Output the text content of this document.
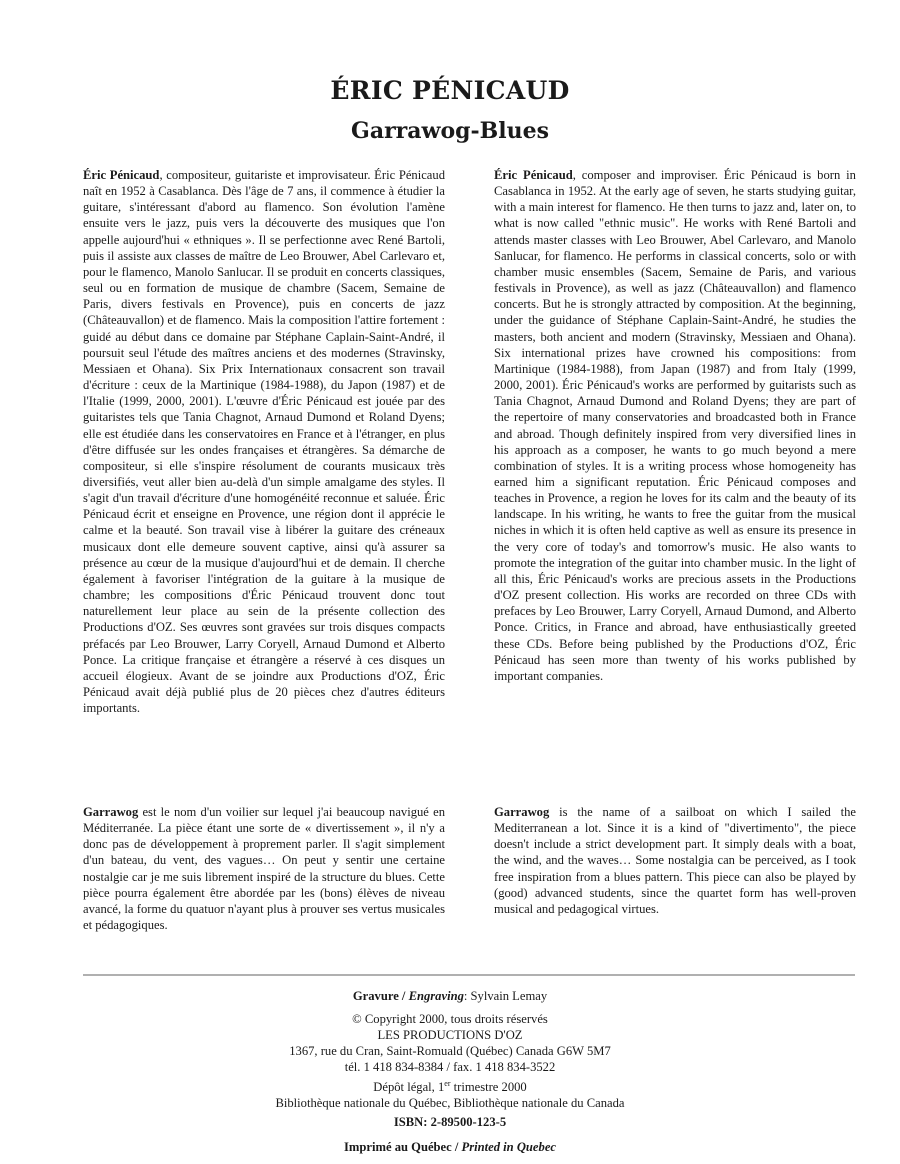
ÉRIC PÉNICAUD
Garrawog-Blues

Éric Pénicaud, compositeur, guitariste et improvisateur. Éric Pénicaud naît en 1952 à Casablanca. Dès l'âge de 7 ans, il commence à étudier la guitare, s'intéressant d'abord au flamenco. Son évolution l'amène ensuite vers le jazz, puis vers la découverte des musiques que l'on appelle aujourd'hui « ethniques ». Il se perfectionne avec René Bartoli, puis il assiste aux classes de maître de Leo Brouwer, Abel Carlevaro et, pour le flamenco, Manolo Sanlucar. Il se produit en concerts classiques, seul ou en formation de musique de chambre (Sacem, Semaine de Paris, divers festivals en Provence), puis en concerts de jazz (Châteauvallon) et de flamenco. Mais la composition l'attire fortement : guidé au début dans ce domaine par Stéphane Caplain-Saint-André, il poursuit seul l'étude des maîtres anciens et des modernes (Stravinsky, Messiaen et Ohana). Six Prix Internationaux consacrent son travail d'écriture : ceux de la Martinique (1984-1988), du Japon (1987) et de l'Italie (1999, 2000, 2001). L'œuvre d'Éric Pénicaud est jouée par des guitaristes tels que Tania Chagnot, Arnaud Dumond et Roland Dyens; elle est étudiée dans les conservatoires en France et à l'étranger, en plus d'être diffusée sur les ondes françaises et étrangères. Sa démarche de compositeur, si elle s'inspire résolument de courants musicaux très diversifiés, veut aller bien au-delà d'un simple amalgame des styles. Il s'agit d'un travail d'écriture d'une homogénéité reconnue et saluée. Éric Pénicaud écrit et enseigne en Provence, une région dont il apprécie le calme et la beauté. Son travail vise à libérer la guitare des créneaux musicaux dont elle demeure souvent captive, ainsi qu'à assurer sa présence au cœur de la musique d'aujourd'hui et de demain. Il cherche également à favoriser l'intégration de la guitare à la musique de chambre; les compositions d'Éric Pénicaud trouvent donc tout naturellement leur place au sein de la présente collection des Productions d'OZ. Ses œuvres sont gravées sur trois disques compacts préfacés par Leo Brouwer, Larry Coryell, Arnaud Dumond et Alberto Ponce. La critique française et étrangère a réservé à ces disques un accueil élogieux. Avant de se joindre aux Productions d'OZ, Éric Pénicaud avait déjà publié plus de 20 pièces chez d'autres éditeurs importants.

Éric Pénicaud, composer and improviser. Éric Pénicaud is born in Casablanca in 1952. At the early age of seven, he starts studying guitar, with a main interest for flamenco. He then turns to jazz and, later on, to what is now called "ethnic music". He works with René Bartoli and attends master classes with Leo Brouwer, Abel Carlevaro, and Manolo Sanlucar, for flamenco. He performs in classical concerts, solo or with chamber music ensembles (Sacem, Semaine de Paris, and various festivals in Provence), as well as jazz (Châteauvallon) and flamenco concerts. But he is strongly attracted by composition. At the beginning, under the guidance of Stéphane Caplain-Saint-André, he studies the masters, both ancient and modern (Stravinsky, Messiaen and Ohana). Six international prizes have crowned his compositions: from Martinique (1984-1988), from Japan (1987) and from Italy (1999, 2000, 2001). Éric Pénicaud's works are performed by guitarists such as Tania Chagnot, Arnaud Dumond and Roland Dyens; they are part of the repertoire of many conservatories and broadcasted both in France and abroad. Though definitely inspired from very diversified lines in his approach as a composer, he wants to go much beyond a mere combination of styles. It is a writing process whose homogeneity has earned him a significant reputation. Éric Pénicaud composes and teaches in Provence, a region he loves for its calm and the beauty of its landscape. In his writing, he wants to free the guitar from the musical niches in which it is often held captive as well as ensure its presence in the very core of today's and tomorrow's music. He also wants to promote the integration of the guitar into chamber music. In the light of all this, Éric Pénicaud's works are precious assets in the Productions d'OZ present collection. His works are recorded on three CDs with prefaces by Leo Brouwer, Larry Coryell, Arnaud Dumond, and Alberto Ponce. Critics, in France and abroad, have enthusiastically greeted these CDs. Before being published by the Productions d'OZ, Éric Pénicaud has seen more than twenty of his works published by important companies.

Garrawog est le nom d'un voilier sur lequel j'ai beaucoup navigué en Méditerranée. La pièce étant une sorte de « divertissement », il n'y a donc pas de développement à proprement parler. Il s'agit simplement d'un bateau, du vent, des vagues… On peut y sentir une certaine nostalgie car je me suis librement inspiré de la structure du blues. Cette pièce pourra également être abordée par les (bons) élèves de niveau avancé, la forme du quatuor n'ayant plus à prouver ses vertus musicales et pédagogiques.

Garrawog is the name of a sailboat on which I sailed the Mediterranean a lot. Since it is a kind of "divertimento", the piece doesn't include a strict development part. It simply deals with a boat, the wind, and the waves… Some nostalgia can be perceived, as I took free inspiration from a blues pattern. This piece can also be played by (good) advanced students, since the quartet form has well-proven musical and pedagogical virtues.

Gravure / Engraving: Sylvain Lemay

© Copyright 2000, tous droits réservés
LES PRODUCTIONS D'OZ
1367, rue du Cran, Saint-Romuald (Québec) Canada G6W 5M7
tél. 1 418 834-8384 / fax. 1 418 834-3522
Dépôt légal, 1er trimestre 2000
Bibliothèque nationale du Québec, Bibliothèque nationale du Canada

ISBN: 2-89500-123-5

Imprimé au Québec / Printed in Quebec
